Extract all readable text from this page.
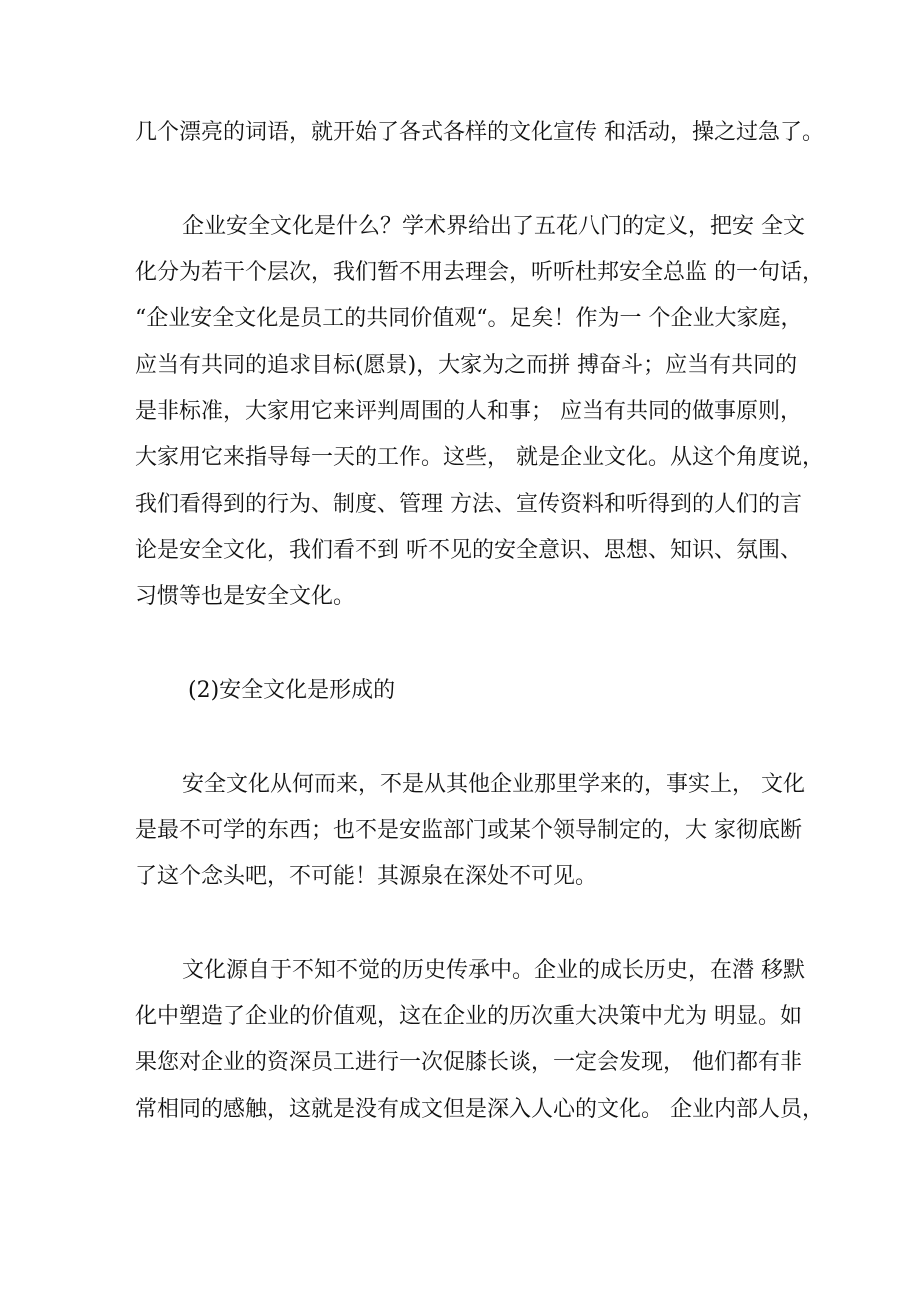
几个漂亮的词语，就开始了各式各样的文化宣传 和活动，操之过急了。
企业安全文化是什么？学术界给出了五花八门的定义，把安 全文
化分为若干个层次，我们暂不用去理会，听听杜邦安全总监 的一句话，
“企业安全文化是员工的共同价值观“。足矣！作为一 个企业大家庭，
应当有共同的追求目标(愿景)，大家为之而拼 搏奋斗；应当有共同的
是非标准，大家用它来评判周围的人和事； 应当有共同的做事原则，
大家用它来指导每一天的工作。这些， 就是企业文化。从这个角度说，
我们看得到的行为、制度、管理 方法、宣传资料和听得到的人们的言
论是安全文化，我们看不到 听不见的安全意识、思想、知识、氛围、
习惯等也是安全文化。
(2)安全文化是形成的
安全文化从何而来，不是从其他企业那里学来的，事实上， 文化
是最不可学的东西；也不是安监部门或某个领导制定的，大 家彻底断
了这个念头吧，不可能！其源泉在深处不可见。
文化源自于不知不觉的历史传承中。企业的成长历史，在潜 移默
化中塑造了企业的价值观，这在企业的历次重大决策中尤为 明显。如
果您对企业的资深员工进行一次促膝长谈，一定会发现， 他们都有非
常相同的感触，这就是没有成文但是深入人心的文化。 企业内部人员，
